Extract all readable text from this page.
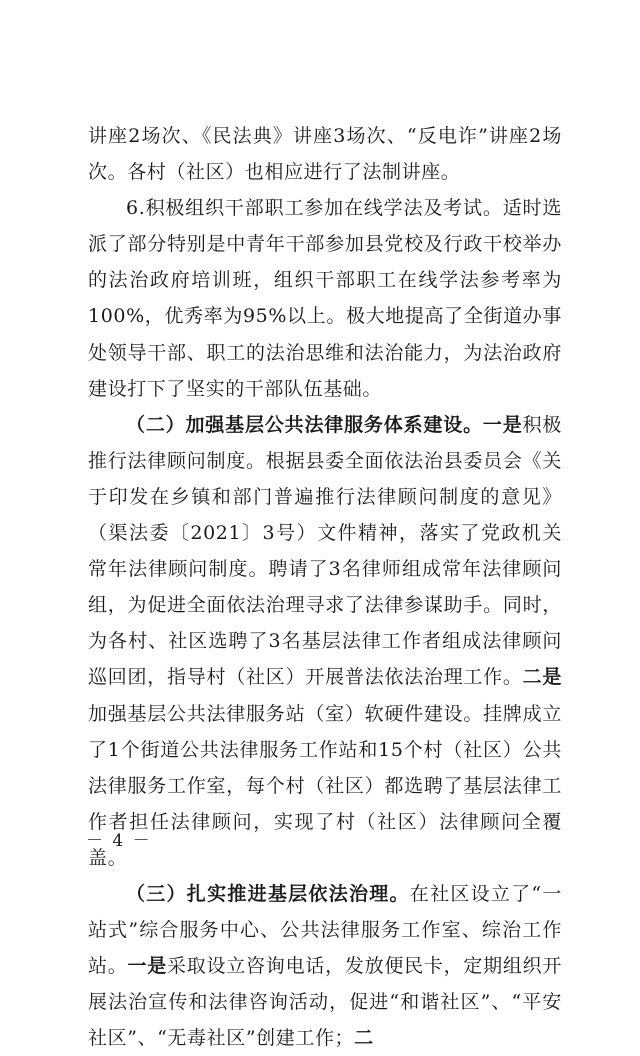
讲座2场次、《民法典》讲座3场次、“反电诈”讲座2场次。各村（社区）也相应进行了法制讲座。

6.积极组织干部职工参加在线学法及考试。适时选派了部分特别是中青年干部参加县党校及行政干校举办的法治政府培训班，组织干部职工在线学法参考率为100%，优秀率为95%以上。极大地提高了全街道办事处领导干部、职工的法治思维和法治能力，为法治政府建设打下了坚实的干部队伍基础。

（二）加强基层公共法律服务体系建设。一是积极推行法律顾问制度。根据县委全面依法治县委员会《关于印发在乡镇和部门普遍推行法律顾问制度的意见》（渠法委〔2021〕3号）文件精神，落实了党政机关常年法律顾问制度。聘请了3名律师组成常年法律顾问组，为促进全面依法治理寻求了法律参谋助手。同时，为各村、社区选聘了3名基层法律工作者组成法律顾问巡回团，指导村（社区）开展普法依法治理工作。二是加强基层公共法律服务站（室）软硬件建设。挂牌成立了1个街道公共法律服务工作站和15个村（社区）公共法律服务工作室，每个村（社区）都选聘了基层法律工作者担任法律顾问，实现了村（社区）法律顾问全覆盖。

（三）扎实推进基层依法治理。在社区设立了“一站式”综合服务中心、公共法律服务工作室、综治工作站。一是采取设立咨询电话，发放便民卡，定期组织开展法治宣传和法律咨询活动，促进“和谐社区”、“平安社区”、“无毒社区”创建工作；二

－ 4 －
